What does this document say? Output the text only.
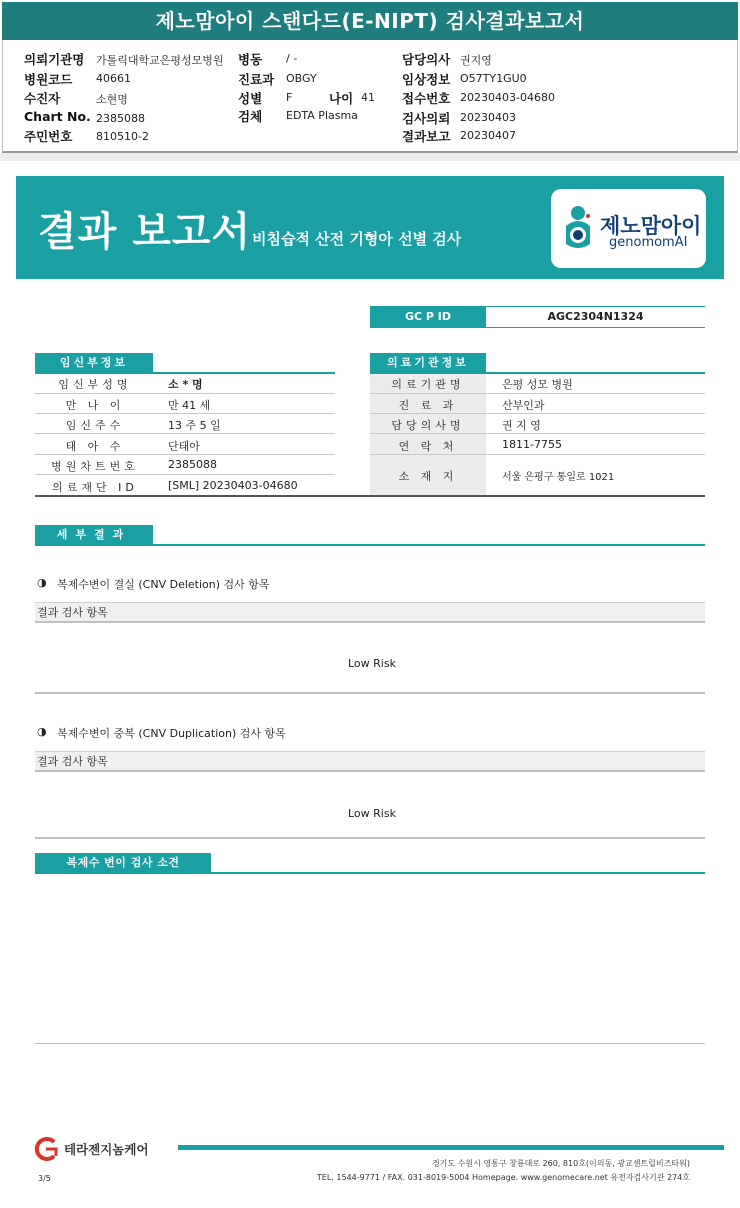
제노맘아이 스탠다드(E-NIPT) 검사결과보고서
의뢰기관명 가톨릭대학교은평성모병원
병원코드 40661
수진자	소현명
Chart No. 2385088
주민번호 810510-2
병동 / -
진료과 OBGY
성별 F	나이 41
검체 EDTA Plasma
담당의사 권지영
임상정보 O57TY1GU0
접수번호 20230403-04680
검사의뢰 20230403
결과보고 20230407
결과 보고서 비침습적 산전 기형아 선별 검사
제노맘아이
genomomAI
GC P ID	AGC2304N1324
임신부정보
임신부성명	소 * 명
만 나 이	만 41 세
임신주수	13 주 5 일
태 아 수	단태아
병원차트번호	2385088
의료재단 ID	[SML] 20230403-04680
의료기관정보
의료기관명	은평 성모 병원
진 료 과	산부인과
담당의사명	권 지 영
연 락 처	1811-7755
소 재 지	서울 은평구 통일로 1021
세부결과
◑ 복제수변이 결실 (CNV Deletion) 검사 항목
결과 검사 항목
Low Risk
◑ 복제수변이 중복 (CNV Duplication) 검사 항목
결과 검사 항목
Low Risk
복제수 변이 검사 소견
테라젠지놈케어
경기도 수원시 영통구 창룡대로 260, 810호(이의동, 광교센트럴비즈타워)
TEL. 1544-9771 / FAX. 031-8019-5004 Homepage. www.genomecare.net 유전자검사기관 274호
3/5
